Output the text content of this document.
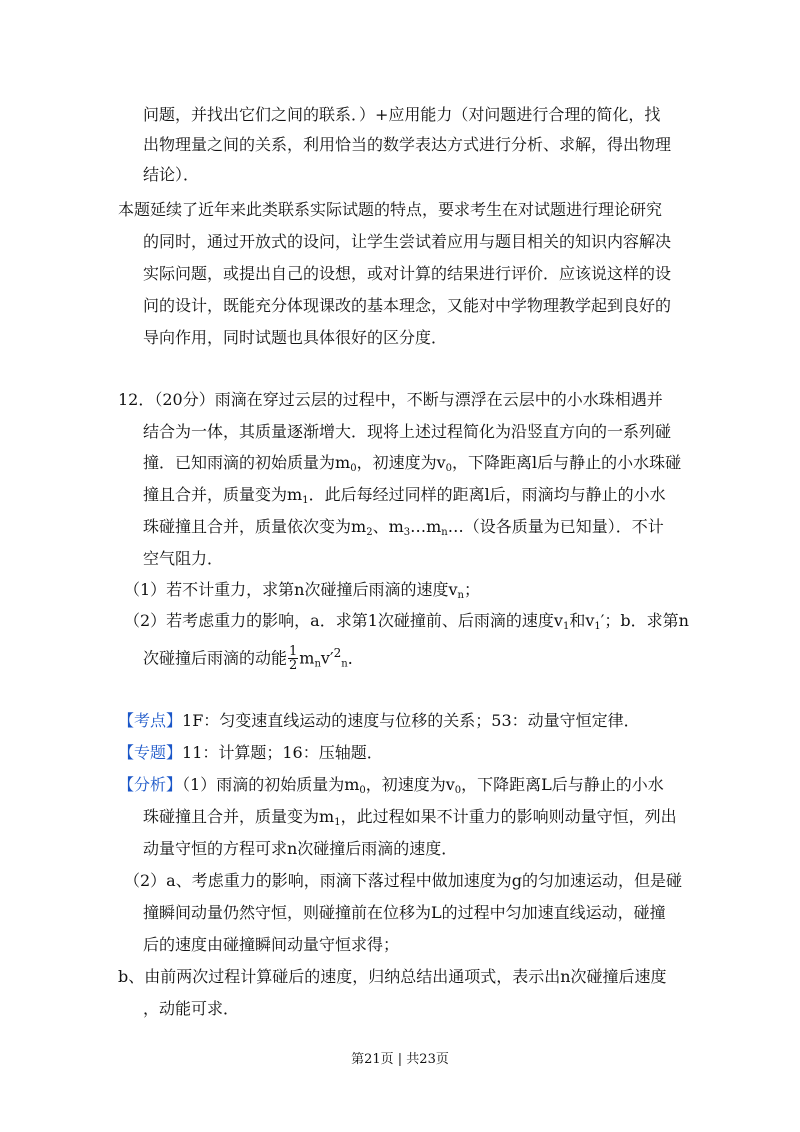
问题，并找出它们之间的联系．）+应用能力（对问题进行合理的简化，找
出物理量之间的关系，利用恰当的数学表达方式进行分析、求解，得出物理
结论）．
本题延续了近年来此类联系实际试题的特点，要求考生在对试题进行理论研究
的同时，通过开放式的设问，让学生尝试着应用与题目相关的知识内容解决
实际问题，或提出自己的设想，或对计算的结果进行评价．应该说这样的设
问的设计，既能充分体现课改的基本理念，又能对中学物理教学起到良好的
导向作用，同时试题也具体很好的区分度．
12．（20分）雨滴在穿过云层的过程中，不断与漂浮在云层中的小水珠相遇并
结合为一体，其质量逐渐增大．现将上述过程简化为沿竖直方向的一系列碰
撞．已知雨滴的初始质量为$m_0$，初速度为$v_0$，下降距离l后与静止的小水珠碰
撞且合并，质量变为$m_1$．此后每经过同样的距离l后，雨滴均与静止的小水
珠碰撞且合并，质量依次变为$m_2$、$m_3\dots m_n\dots$（设各质量为已知量）．不计
空气阻力．
（1）若不计重力，求第n次碰撞后雨滴的速度$v_n$；
（2）若考虑重力的影响，a．求第1次碰撞前、后雨滴的速度$v_1$和$v_1'$；b．求第n
次碰撞后雨滴的动能 $\frac{1}{2} m_nv'^2_n$．
【考点】1F：匀变速直线运动的速度与位移的关系；53：动量守恒定律．
【专题】11：计算题；16：压轴题．
【分析】（1）雨滴的初始质量为$m_0$，初速度为$v_0$，下降距离L后与静止的小水
珠碰撞且合并，质量变为$m_1$，此过程如果不计重力的影响则动量守恒，列出
动量守恒的方程可求n次碰撞后雨滴的速度．
（2）a、考虑重力的影响，雨滴下落过程中做加速度为g的匀加速运动，但是碰
撞瞬间动量仍然守恒，则碰撞前在位移为L的过程中匀加速直线运动，碰撞
后的速度由碰撞瞬间动量守恒求得；
b、由前两次过程计算碰后的速度，归纳总结出通项式，表示出n次碰撞后速度
，动能可求．
第21页 | 共23页
